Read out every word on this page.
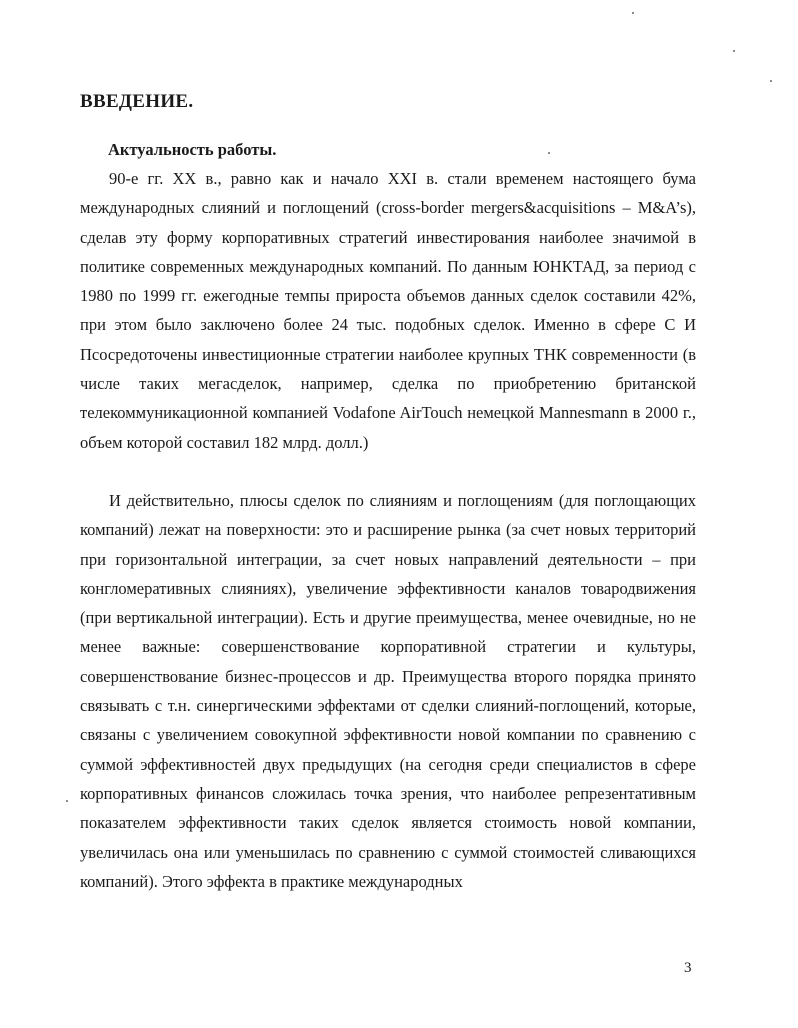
ВВЕДЕНИЕ.
Актуальность работы.

90-е гг. XX в., равно как и начало XXI в. стали временем настоящего бума международных слияний и поглощений (cross-border mergers&acquisitions – M&A’s), сделав эту форму корпоративных стратегий инвестирования наиболее значимой в политике современных международных компаний. По данным ЮНКТАД, за период с 1980 по 1999 гг. ежегодные темпы прироста объемов данных сделок составили 42%, при этом было заключено более 24 тыс. подобных сделок. Именно в сфере С И Псосредоточены инвестиционные стратегии наиболее крупных ТНК современности (в числе таких мегасделок, например, сделка по приобретению британской телекоммуникационной компанией Vodafone AirTouch немецкой Mannesmann в 2000 г., объем которой составил 182 млрд. долл.)

И действительно, плюсы сделок по слияниям и поглощениям (для поглощающих компаний) лежат на поверхности: это и расширение рынка (за счет новых территорий при горизонтальной интеграции, за счет новых направлений деятельности – при конгломеративных слияниях), увеличение эффективности каналов товародвижения (при вертикальной интеграции). Есть и другие преимущества, менее очевидные, но не менее важные: совершенствование корпоративной стратегии и культуры, совершенствование бизнес-процессов и др. Преимущества второго порядка принято связывать с т.н. синергическими эффектами от сделки слияний-поглощений, которые, связаны с увеличением совокупной эффективности новой компании по сравнению с суммой эффективностей двух предыдущих (на сегодня среди специалистов в сфере корпоративных финансов сложилась точка зрения, что наиболее репрезентативным показателем эффективности таких сделок является стоимость новой компании, увеличилась она или уменьшилась по сравнению с суммой стоимостей сливающихся компаний). Этого эффекта в практике международных

3
